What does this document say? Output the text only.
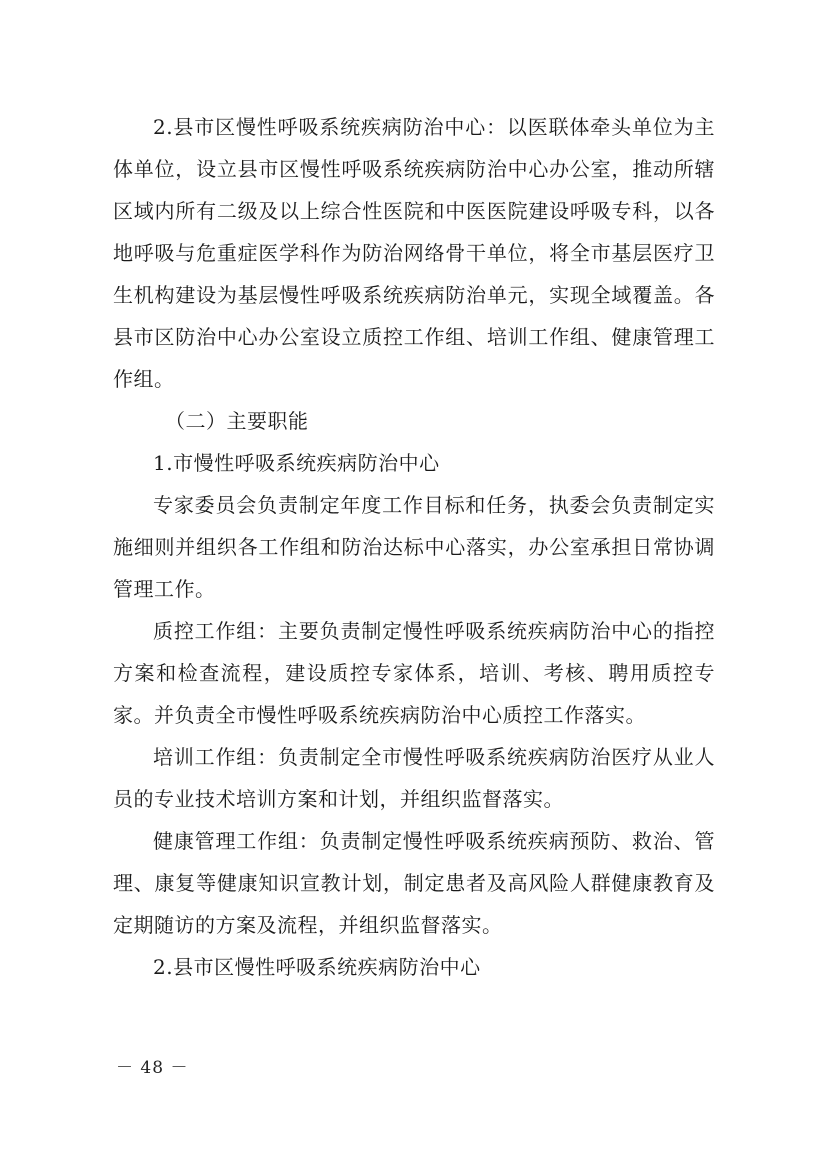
2.县市区慢性呼吸系统疾病防治中心：以医联体牵头单位为主体单位，设立县市区慢性呼吸系统疾病防治中心办公室，推动所辖区域内所有二级及以上综合性医院和中医医院建设呼吸专科，以各地呼吸与危重症医学科作为防治网络骨干单位，将全市基层医疗卫生机构建设为基层慢性呼吸系统疾病防治单元，实现全域覆盖。各县市区防治中心办公室设立质控工作组、培训工作组、健康管理工作组。

（二）主要职能

1.市慢性呼吸系统疾病防治中心

专家委员会负责制定年度工作目标和任务，执委会负责制定实施细则并组织各工作组和防治达标中心落实，办公室承担日常协调管理工作。

质控工作组：主要负责制定慢性呼吸系统疾病防治中心的指控方案和检查流程，建设质控专家体系，培训、考核、聘用质控专家。并负责全市慢性呼吸系统疾病防治中心质控工作落实。

培训工作组：负责制定全市慢性呼吸系统疾病防治医疗从业人员的专业技术培训方案和计划，并组织监督落实。

健康管理工作组：负责制定慢性呼吸系统疾病预防、救治、管理、康复等健康知识宣教计划，制定患者及高风险人群健康教育及定期随访的方案及流程，并组织监督落实。

2.县市区慢性呼吸系统疾病防治中心

－ 48 －
